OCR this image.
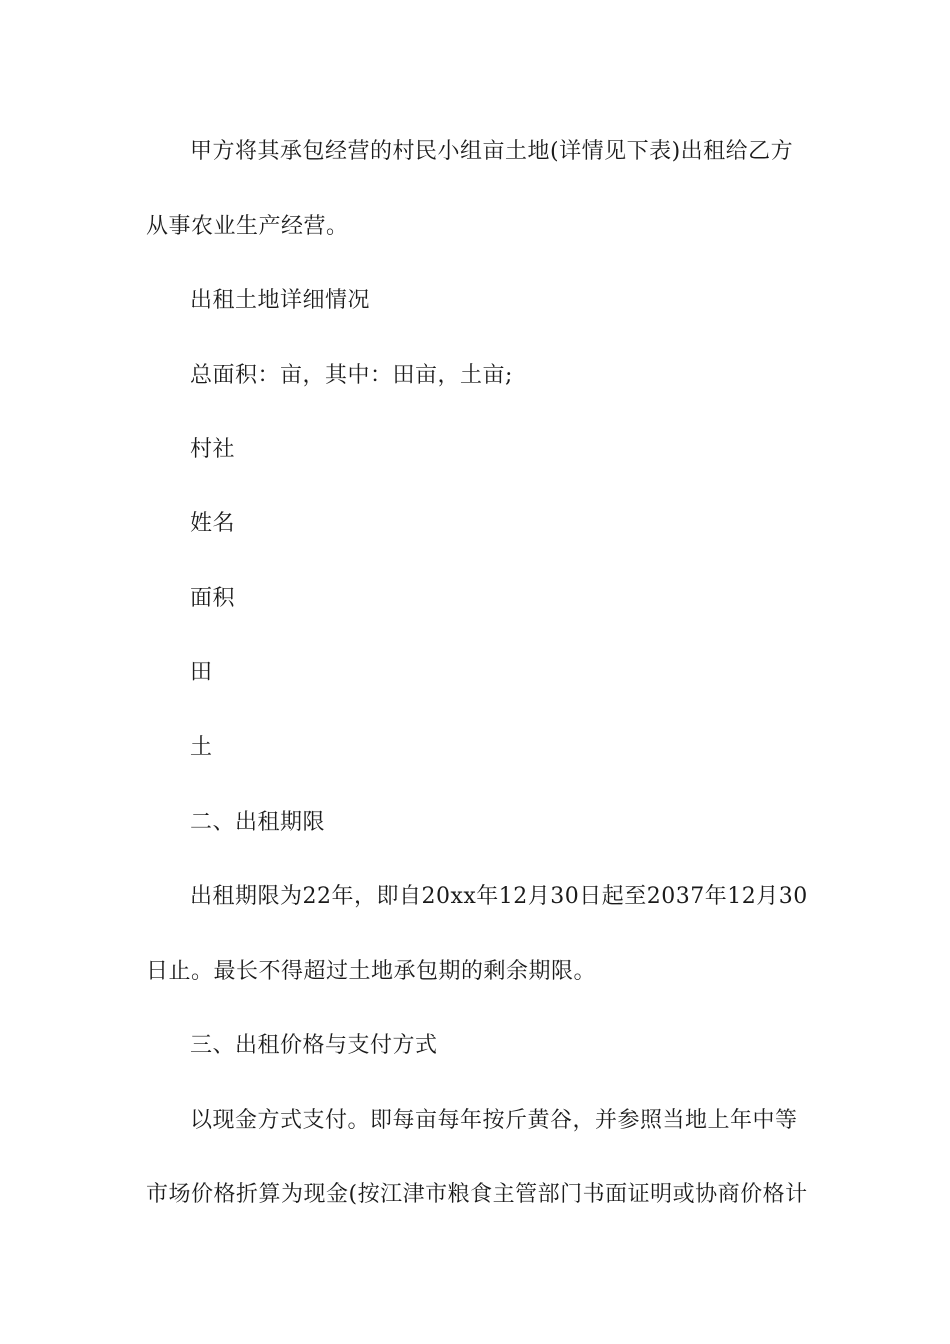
甲方将其承包经营的村民小组亩土地(详情见下表)出租给乙方
从事农业生产经营。
出租土地详细情况
总面积：亩，其中：田亩，土亩;
村社
姓名
面积
田
土
二、出租期限
出租期限为22年，即自20xx年12月30日起至2037年12月30
日止。最长不得超过土地承包期的剩余期限。
三、出租价格与支付方式
以现金方式支付。即每亩每年按斤黄谷，并参照当地上年中等
市场价格折算为现金(按江津市粮食主管部门书面证明或协商价格计
